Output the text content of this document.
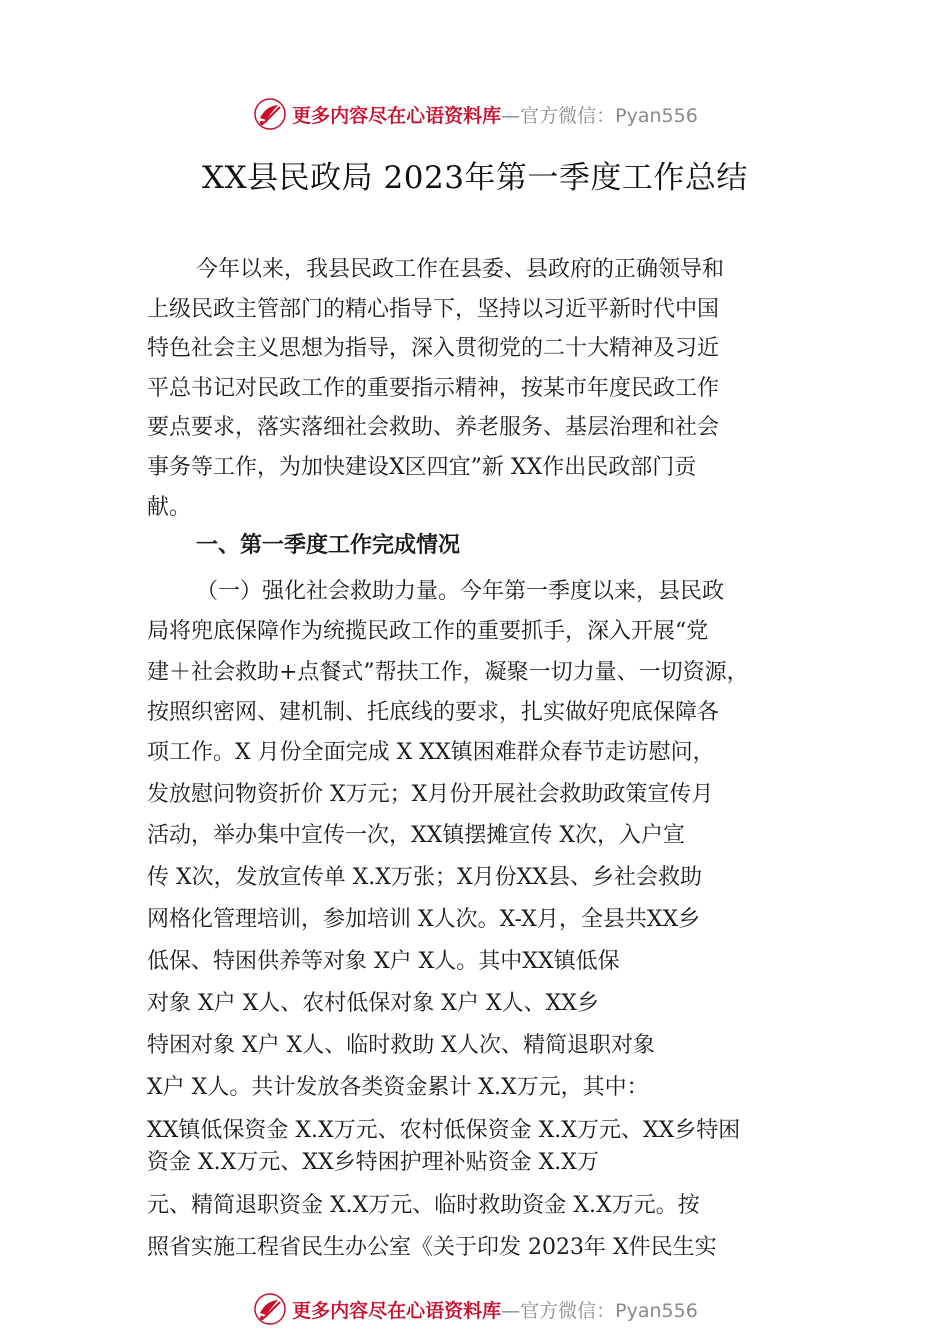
更多内容尽在心语资料库 —官方微信：Pyan556
XX县民政局 2023年第一季度工作总结
今年以来，我县民政工作在县委、县政府的正确领导和
上级民政主管部门的精心指导下，坚持以习近平新时代中国
特色社会主义思想为指导，深入贯彻党的二十大精神及习近
平总书记对民政工作的重要指示精神，按某市年度民政工作
要点要求，落实落细社会救助、养老服务、基层治理和社会
事务等工作，为加快建设X区四宜”新 XX作出民政部门贡
献。
一、第一季度工作完成情况
（一）强化社会救助力量。今年第一季度以来，县民政
局将兜底保障作为统揽民政工作的重要抓手，深入开展“党
建＋社会救助+点餐式”帮扶工作，凝聚一切力量、一切资源，
按照织密网、建机制、托底线的要求，扎实做好兜底保障各
项工作。X 月份全面完成 X XX镇困难群众春节走访慰问，
发放慰问物资折价 X万元；X月份开展社会救助政策宣传月
活动，举办集中宣传一次，XX镇摆摊宣传 X次，入户宣
传 X次，发放宣传单 X.X万张；X月份XX县、乡社会救助
网格化管理培训，参加培训 X人次。X-X月，全县共XX乡
低保、特困供养等对象 X户 X人。其中XX镇低保
对象 X户 X人、农村低保对象 X户 X人、XX乡
特困对象 X户 X人、临时救助 X人次、精简退职对象
X户 X人。共计发放各类资金累计 X.X万元，其中：
XX镇低保资金 X.X万元、农村低保资金 X.X万元、XX乡特困
资金 X.X万元、XX乡特困护理补贴资金 X.X万
元、精简退职资金 X.X万元、临时救助资金 X.X万元。按
照省实施工程省民生办公室《关于印发 2023年 X件民生实
更多内容尽在心语资料库 —官方微信：Pyan556
